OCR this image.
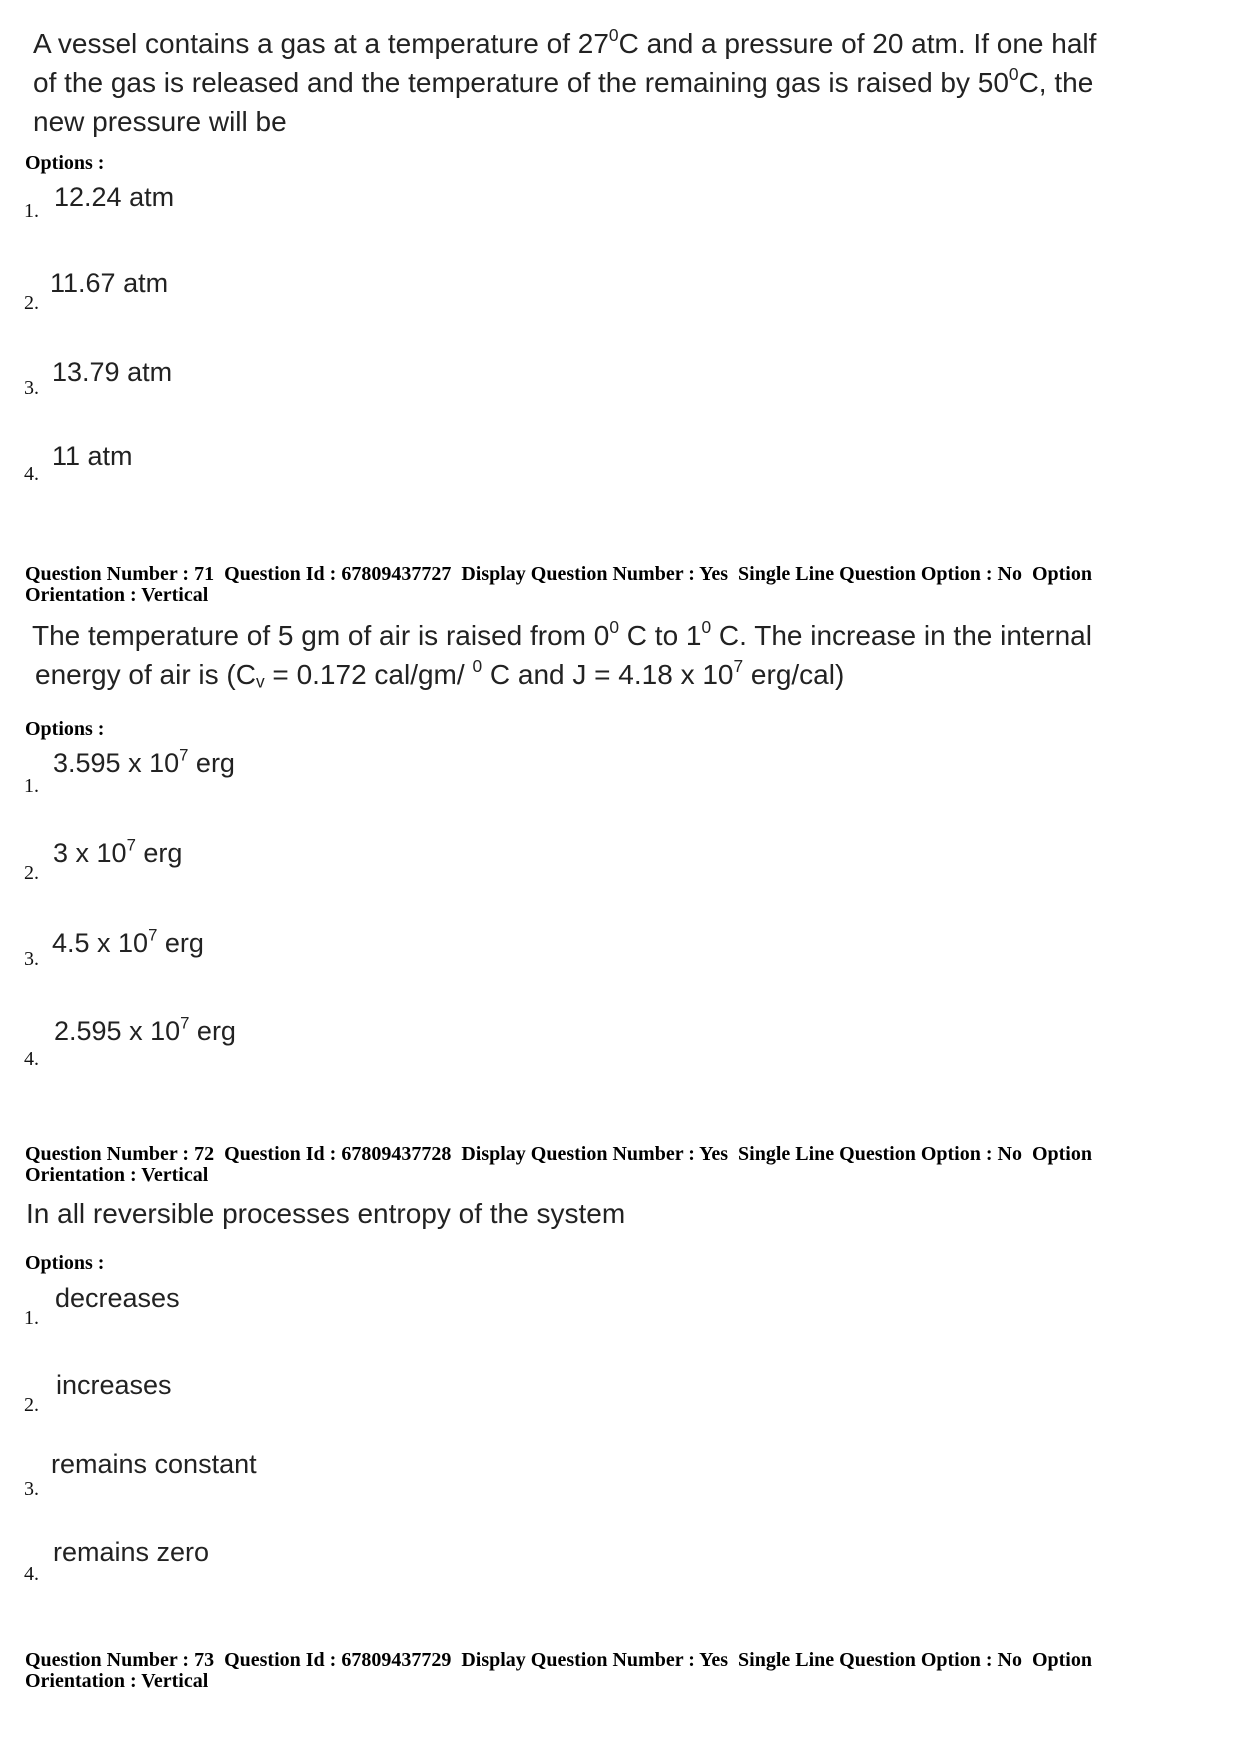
A vessel contains a gas at a temperature of $27^0C$ and a pressure of 20 atm. If one half
of the gas is released and the temperature of the remaining gas is raised by $50^0C$, the
new pressure will be
Options :
1. 12.24 atm
2.
11.67 atm
3.
13.79 atm
4.
11 atm
Question Number : 71  Question Id : 67809437727  Display Question Number : Yes  Single Line Question Option : No  Option
Orientation : Vertical
The temperature of 5 gm of air is raised from $0^0$ C to $1^0$ C. The increase in the internal
energy of air is ($C_v = 0.172$ cal/gm/ $^0$ C and J = 4.18 x $10^7$ erg/cal)
Options :
1.
3.595 x $10^7$ erg
2.
3 x $10^7$ erg
3.
4.5 x $10^7$ erg
4.
2.595 x $10^7$ erg
Question Number : 72  Question Id : 67809437728  Display Question Number : Yes  Single Line Question Option : No  Option
Orientation : Vertical
In all reversible processes entropy of the system
Options :
1.
decreases
2.
increases
3.
remains constant
4.
remains zero
Question Number : 73  Question Id : 67809437729  Display Question Number : Yes  Single Line Question Option : No  Option
Orientation : Vertical
